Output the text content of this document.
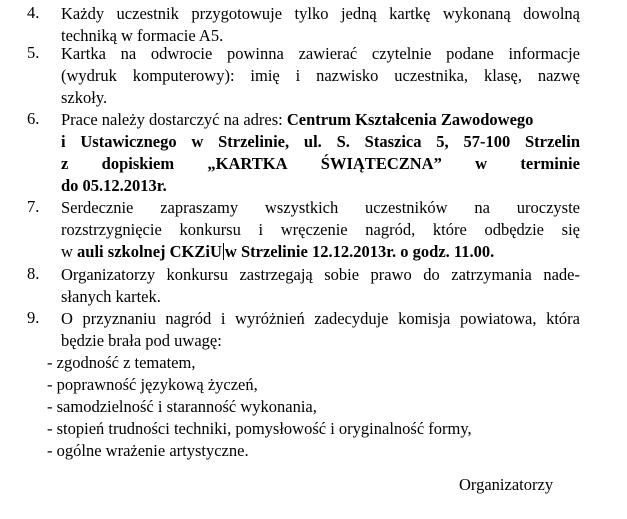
4.	Każdy uczestnik przygotowuje tylko jedną kartkę wykonaną dowolną
techniką w formacie A5.
5.	Kartka na odwrocie powinna zawierać czytelnie podane informacje
(wydruk komputerowy): imię i nazwisko uczestnika, klasę, nazwę
szkoły.
6.	Prace należy dostarczyć na adres: Centrum Kształcenia Zawodowego
i Ustawicznego w Strzelinie, ul. S. Staszica 5, 57-100 Strzelin
z dopiskiem „KARTKA ŚWIĄTECZNA” w terminie
do 05.12.2013r.
7.	Serdecznie zapraszamy wszystkich uczestników na uroczyste
rozstrzygnięcie konkursu i wręczenie nagród, które odbędzie się
w auli szkolnej CKZiU w Strzelinie 12.12.2013r. o godz. 11.00.
8.	Organizatorzy konkursu zastrzegają sobie prawo do zatrzymania nade-
słanych kartek.
9.	O przyznaniu nagród i wyróżnień zadecyduje komisja powiatowa, która
będzie brała pod uwagę:
- zgodność z tematem,
- poprawność językową życzeń,
- samodzielność i staranność wykonania,
- stopień trudności techniki, pomysłowość i oryginalność formy,
- ogólne wrażenie artystyczne.
Organizatorzy
